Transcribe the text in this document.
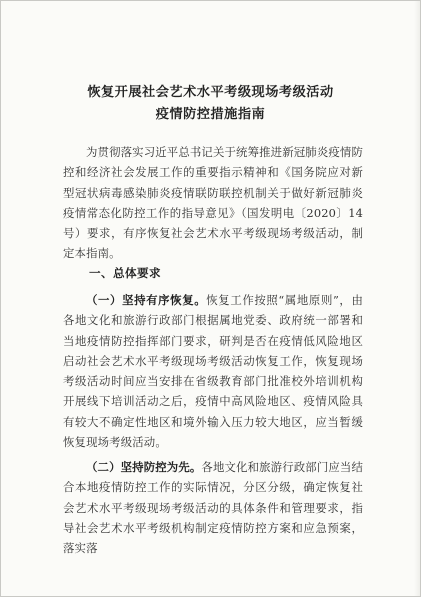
恢复开展社会艺术水平考级现场考级活动
疫情防控措施指南

为贯彻落实习近平总书记关于统筹推进新冠肺炎疫情防控和经济社会发展工作的重要指示精神和《国务院应对新型冠状病毒感染肺炎疫情联防联控机制关于做好新冠肺炎疫情常态化防控工作的指导意见》（国发明电〔2020〕14号）要求，有序恢复社会艺术水平考级现场考级活动，制定本指南。

一、总体要求

（一）坚持有序恢复。恢复工作按照“属地原则”，由各地文化和旅游行政部门根据属地党委、政府统一部署和当地疫情防控指挥部门要求，研判是否在疫情低风险地区启动社会艺术水平考级现场考级活动恢复工作，恢复现场考级活动时间应当安排在省级教育部门批准校外培训机构开展线下培训活动之后，疫情中高风险地区、疫情风险具有较大不确定性地区和境外输入压力较大地区，应当暂缓恢复现场考级活动。

（二）坚持防控为先。各地文化和旅游行政部门应当结合本地疫情防控工作的实际情况，分区分级，确定恢复社会艺术水平考级现场考级活动的具体条件和管理要求，指导社会艺术水平考级机构制定疫情防控方案和应急预案，落实落
